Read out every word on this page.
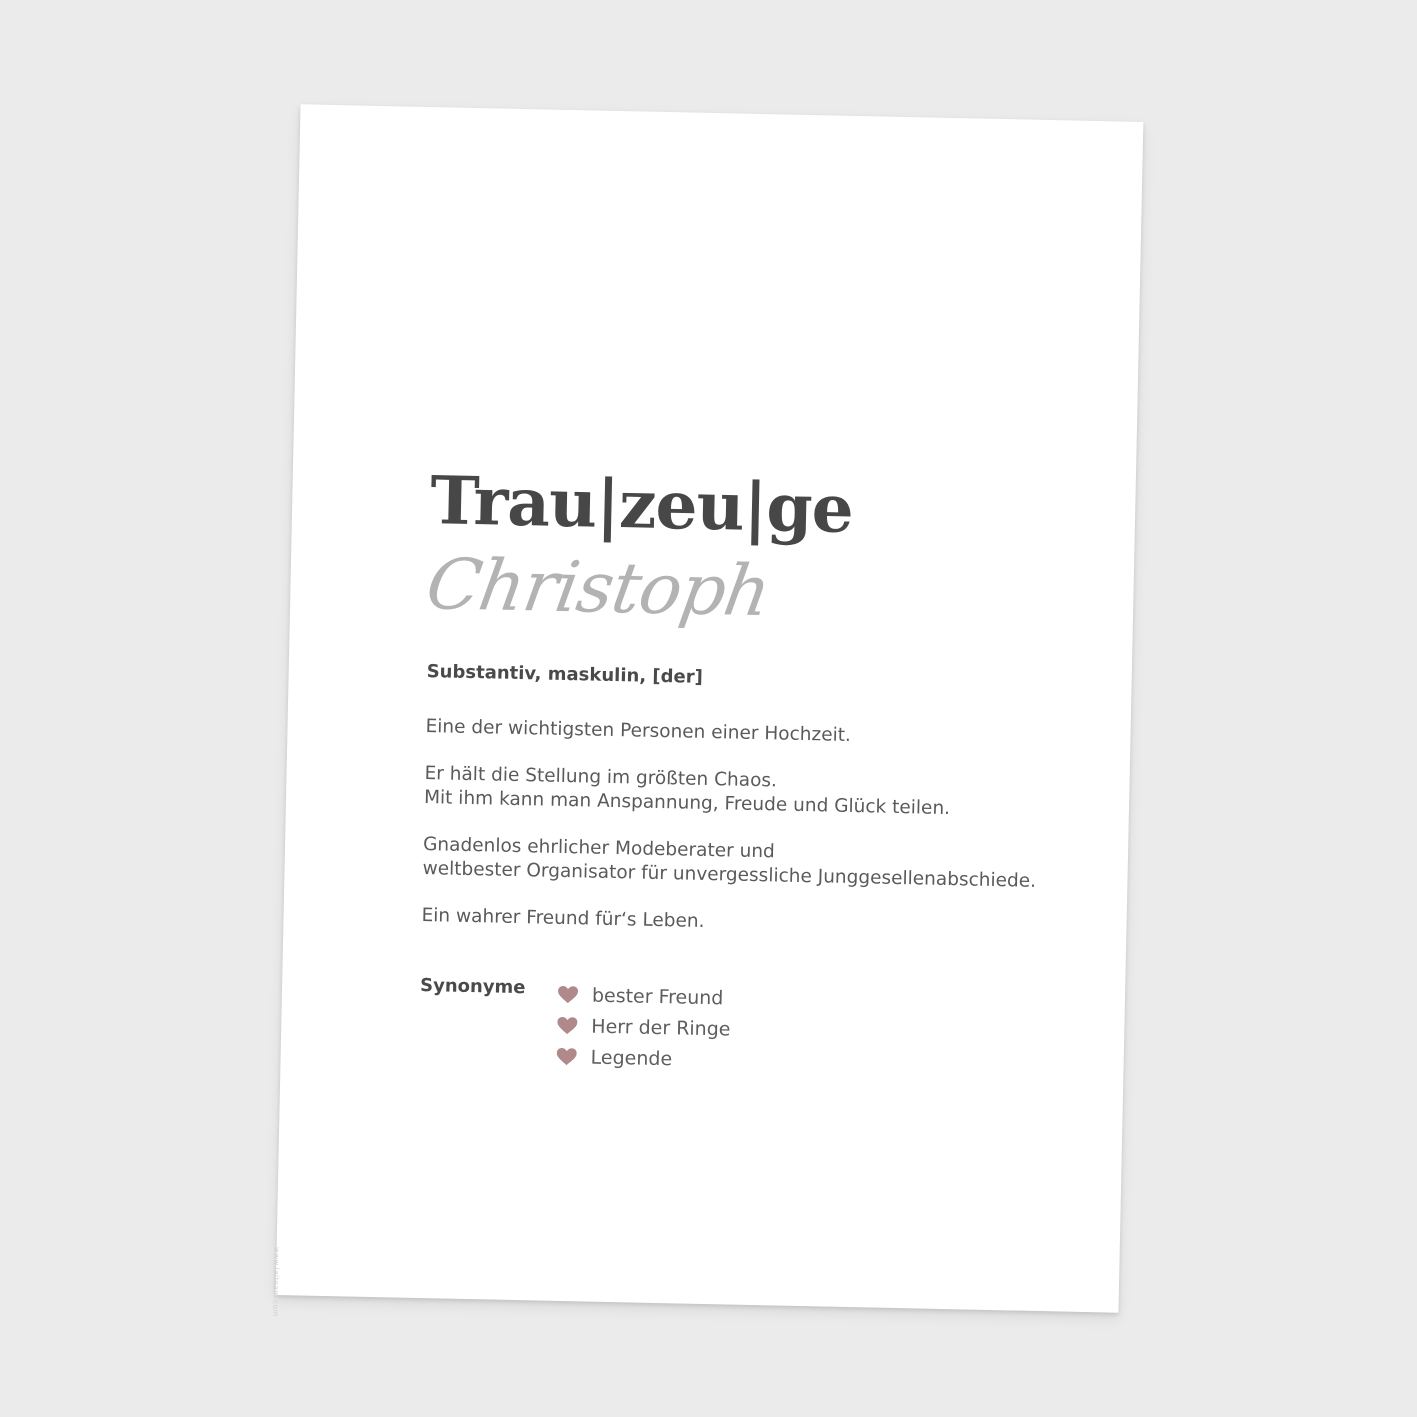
Trau|zeu|ge
Christoph
Substantiv, maskulin, [der]

Eine der wichtigsten Personen einer Hochzeit.

Er hält die Stellung im größten Chaos.
Mit ihm kann man Anspannung, Freude und Glück teilen.

Gnadenlos ehrlicher Modeberater und
weltbester Organisator für unvergessliche Junggesellenabschiede.

Ein wahrer Freund für‘s Leben.

Synonyme	bester Freund
Herr der Ringe
Legende
www.lalteam.com
